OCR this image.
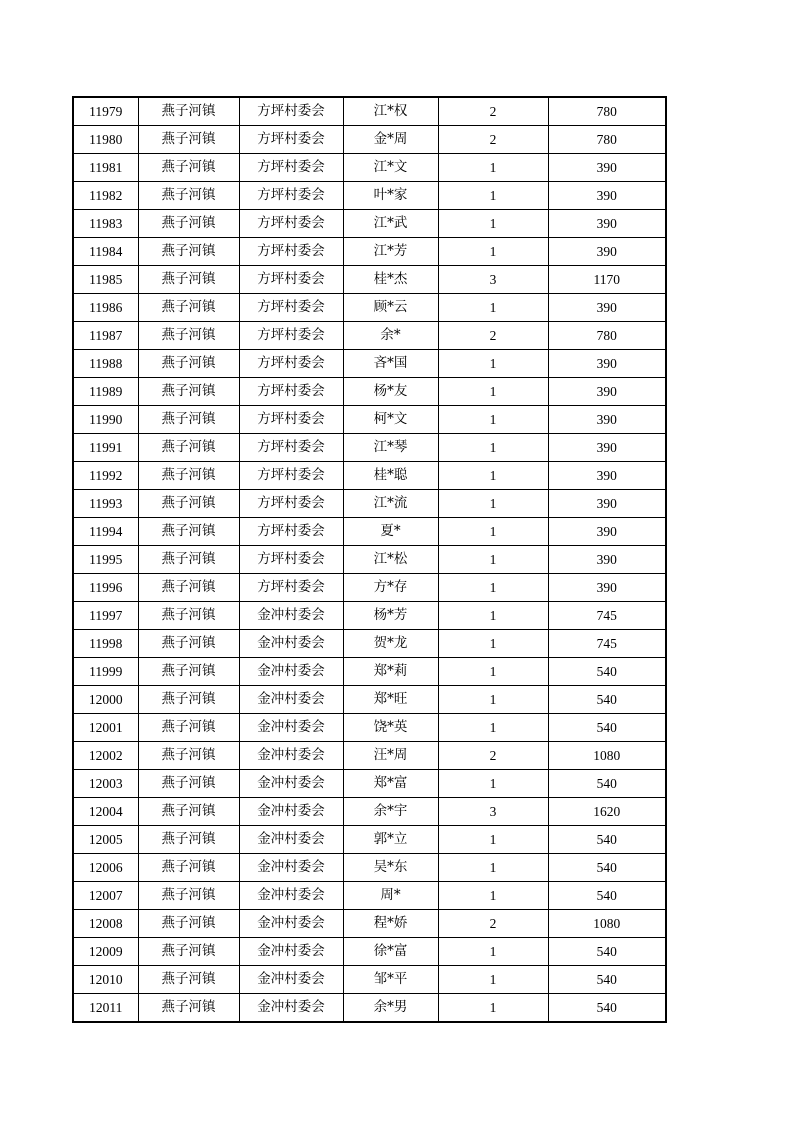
11979	燕子河镇	方坪村委会	江*权	2	780
11980	燕子河镇	方坪村委会	金*周	2	780
11981	燕子河镇	方坪村委会	江*文	1	390
11982	燕子河镇	方坪村委会	叶*家	1	390
11983	燕子河镇	方坪村委会	江*武	1	390
11984	燕子河镇	方坪村委会	江*芳	1	390
11985	燕子河镇	方坪村委会	桂*杰	3	1170
11986	燕子河镇	方坪村委会	顾*云	1	390
11987	燕子河镇	方坪村委会	余*	2	780
11988	燕子河镇	方坪村委会	吝*国	1	390
11989	燕子河镇	方坪村委会	杨*友	1	390
11990	燕子河镇	方坪村委会	柯*文	1	390
11991	燕子河镇	方坪村委会	江*琴	1	390
11992	燕子河镇	方坪村委会	桂*聪	1	390
11993	燕子河镇	方坪村委会	江*流	1	390
11994	燕子河镇	方坪村委会	夏*	1	390
11995	燕子河镇	方坪村委会	江*松	1	390
11996	燕子河镇	方坪村委会	方*存	1	390
11997	燕子河镇	金冲村委会	杨*芳	1	745
11998	燕子河镇	金冲村委会	贺*龙	1	745
11999	燕子河镇	金冲村委会	郑*莉	1	540
12000	燕子河镇	金冲村委会	郑*旺	1	540
12001	燕子河镇	金冲村委会	饶*英	1	540
12002	燕子河镇	金冲村委会	汪*周	2	1080
12003	燕子河镇	金冲村委会	郑*富	1	540
12004	燕子河镇	金冲村委会	余*宇	3	1620
12005	燕子河镇	金冲村委会	郭*立	1	540
12006	燕子河镇	金冲村委会	吴*东	1	540
12007	燕子河镇	金冲村委会	周*	1	540
12008	燕子河镇	金冲村委会	程*娇	2	1080
12009	燕子河镇	金冲村委会	徐*富	1	540
12010	燕子河镇	金冲村委会	邹*平	1	540
12011	燕子河镇	金冲村委会	余*男	1	540
